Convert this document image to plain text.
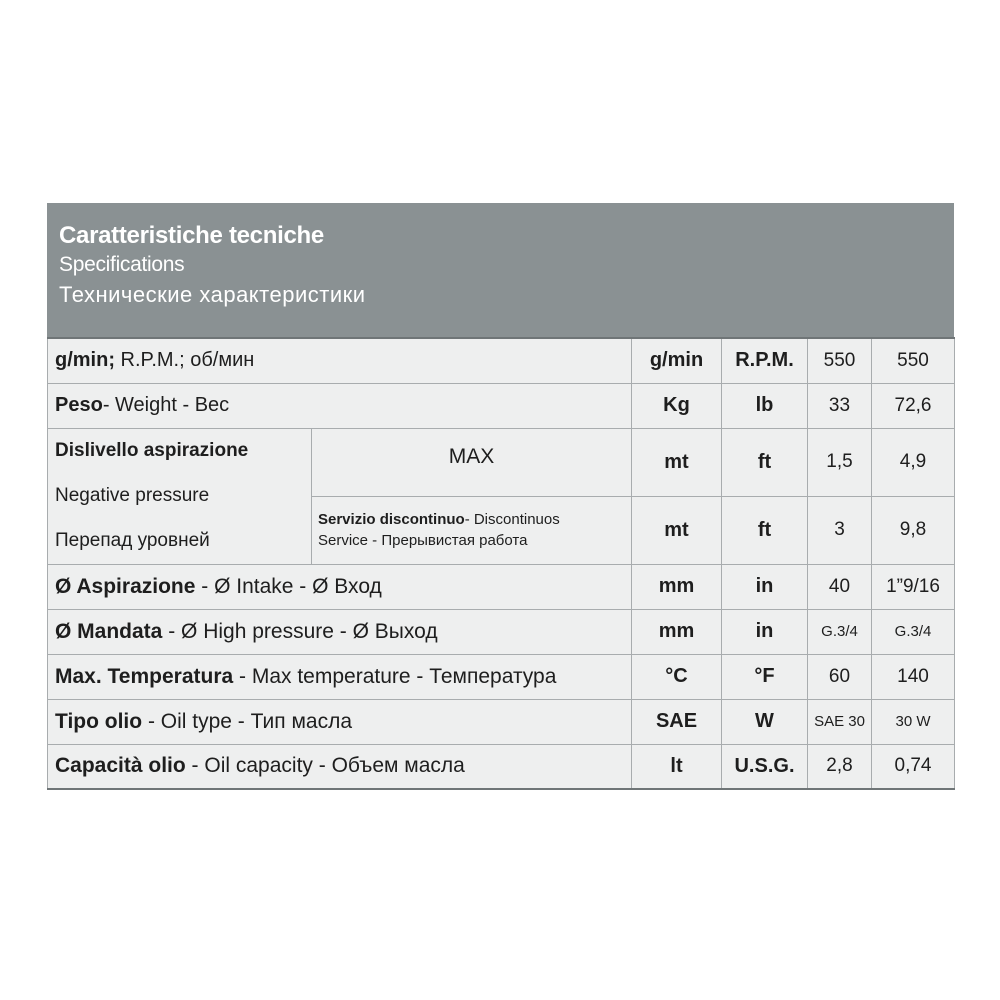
Caratteristiche tecniche
Specifications
Технические характеристики
g/min; R.P.M.; об/мин		g/min	R.P.M.	550	550
Peso- Weight - Вес		Kg	lb	33	72,6

Dislivello aspirazione
Negative pressure
Перепад уровней	MAX	mt	ft	1,5	4,9

	Servizio discontinuo- Discontinuos
Service - Прерывистая работа	mt	ft	3	9,8
Ø Aspirazione - Ø Intake - Ø Вход		mm	in	40	1”9/16
Ø Mandata - Ø High pressure - Ø Выход		mm	in	G.3/4	G.3/4
Max. Temperatura - Max temperature - Температура		°C	°F	60	140
Tipo olio - Oil type - Тип масла		SAE	W	SAE 30	30 W
Capacità olio - Oil capacity - Объем масла		lt	U.S.G.	2,8	0,74
